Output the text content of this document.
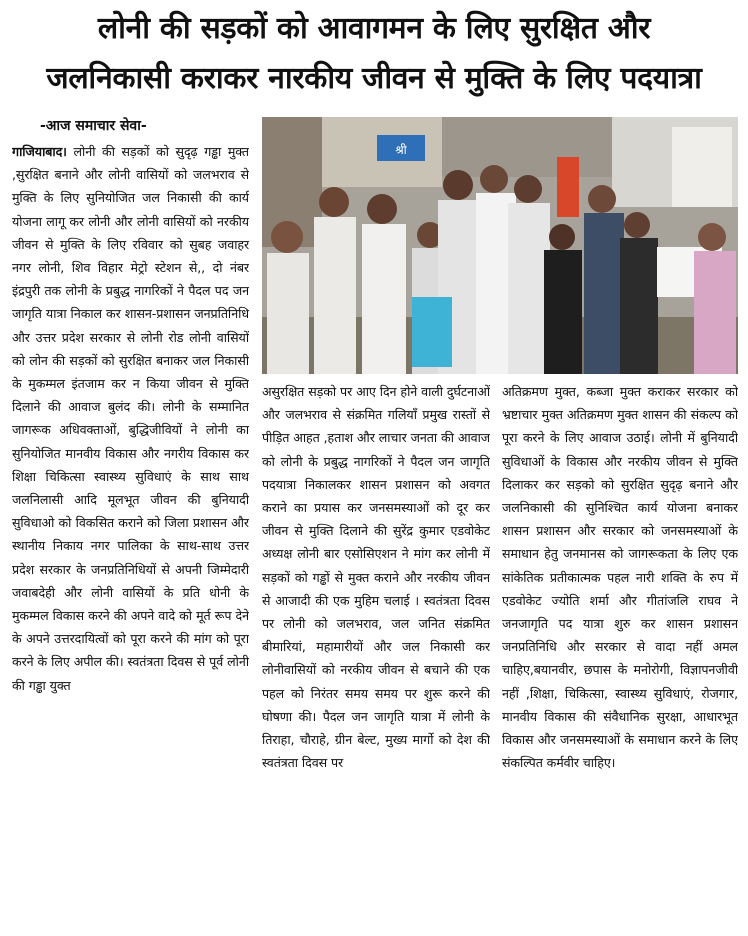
लोनी की सड़कों को आवागमन के लिए सुरक्षित और
जलनिकासी कराकर नारकीय जीवन से मुक्ति के लिए पदयात्रा
-आज समाचार सेवा-
गाजियाबाद। लोनी की सड़कों को सुदृढ़ गड्ढा मुक्त ,सुरक्षित बनाने और लोनी वासियों को जलभराव से मुक्ति के लिए सुनियोजित जल निकासी की कार्य योजना लागू कर लोनी और लोनी वासियों को नरकीय जीवन से मुक्ति के लिए रविवार को सुबह जवाहर नगर लोनी, शिव विहार मेट्रो स्टेशन से,, दो नंबर इंद्रपुरी तक लोनी के प्रबुद्ध नागरिकों ने पैदल पद जन जागृति यात्रा निकाल कर शासन-प्रशासन जनप्रतिनिधि और उत्तर प्रदेश सरकार से लोनी रोड लोनी वासियों को लोन की सड़कों को सुरक्षित बनाकर जल निकासी के मुकम्मल इंतजाम कर न किया जीवन से मुक्ति दिलाने की आवाज बुलंद की। लोनी के सम्मानित जागरूक अधिवक्ताओं, बुद्धिजीवियों ने लोनी का सुनियोजित मानवीय विकास और नगरीय विकास कर शिक्षा चिकित्सा स्वास्थ्य सुविधाएं के साथ साथ जलनिलासी आदि मूलभूत जीवन की बुनियादी सुविधाओ को विकसित कराने को जिला प्रशासन और स्थानीय निकाय नगर पालिका के साथ-साथ उत्तर प्रदेश सरकार के जनप्रतिनिधियों से अपनी जिम्मेदारी जवाबदेही और लोनी वासियों के प्रति धोनी के मुकम्मल विकास करने की अपने वादे को मूर्त रूप देने के अपने उत्तरदायित्वों को पूरा करने की मांग को पूरा करने के लिए अपील की। स्वतंत्रता दिवस से पूर्व लोनी की गड्ढा युक्त
श्री
असुरक्षित सड़को पर आए दिन होने वाली दुर्घटनाओं और जलभराव से संक्रमित गलियाँ प्रमुख रास्तों से पीड़ित आहत ,हताश और लाचार जनता की आवाज को लोनी के प्रबुद्ध नागरिकों ने पैदल जन जागृति पदयात्रा निकालकर शासन प्रशासन को अवगत कराने का प्रयास कर जनसमस्याओं को दूर कर जीवन से मुक्ति दिलाने की सुरेंद्र कुमार एडवोकेट अध्यक्ष लोनी बार एसोसिएशन ने मांग कर लोनी में सड़कों को गड्ढों से मुक्त कराने और नरकीय जीवन से आजादी की एक मुहिम चलाई । स्वतंत्रता दिवस पर लोनी को जलभराव, जल जनित संक्रमित बीमारियां, महामारीयों और जल निकासी कर लोनीवासियों को नरकीय जीवन से बचाने की एक पहल को निरंतर समय समय पर शुरू करने की घोषणा की। पैदल जन जागृति यात्रा में लोनी के तिराहा, चौराहे, ग्रीन बेल्ट, मुख्य मार्गो को देश की स्वतंत्रता दिवस पर
अतिक्रमण मुक्त, कब्जा मुक्त कराकर सरकार को भ्रष्टाचार मुक्त अतिक्रमण मुक्त शासन की संकल्प को पूरा करने के लिए आवाज उठाई। लोनी में बुनियादी सुविधाओं के विकास और नरकीय जीवन से मुक्ति दिलाकर कर सड़को को सुरक्षित सुदृढ़ बनाने और जलनिकासी की सुनिश्चित कार्य योजना बनाकर शासन प्रशासन और सरकार को जनसमस्याओं के समाधान हेतु जनमानस को जागरूकता के लिए एक सांकेतिक प्रतीकात्मक पहल नारी शक्ति के रुप में एडवोकेट ज्योति शर्मा और गीतांजलि राघव ने जनजागृति पद यात्रा शुरु कर शासन प्रशासन जनप्रतिनिधि और सरकार से वादा नहीं अमल चाहिए,बयानवीर, छपास के मनोरोगी, विज्ञापनजीवी नहीं ,शिक्षा, चिकित्सा, स्वास्थ्य सुविधाएं, रोजगार, मानवीय विकास की संवैधानिक सुरक्षा, आधारभूत विकास और जनसमस्याओं के समाधान करने के लिए संकल्पित कर्मवीर चाहिए।
